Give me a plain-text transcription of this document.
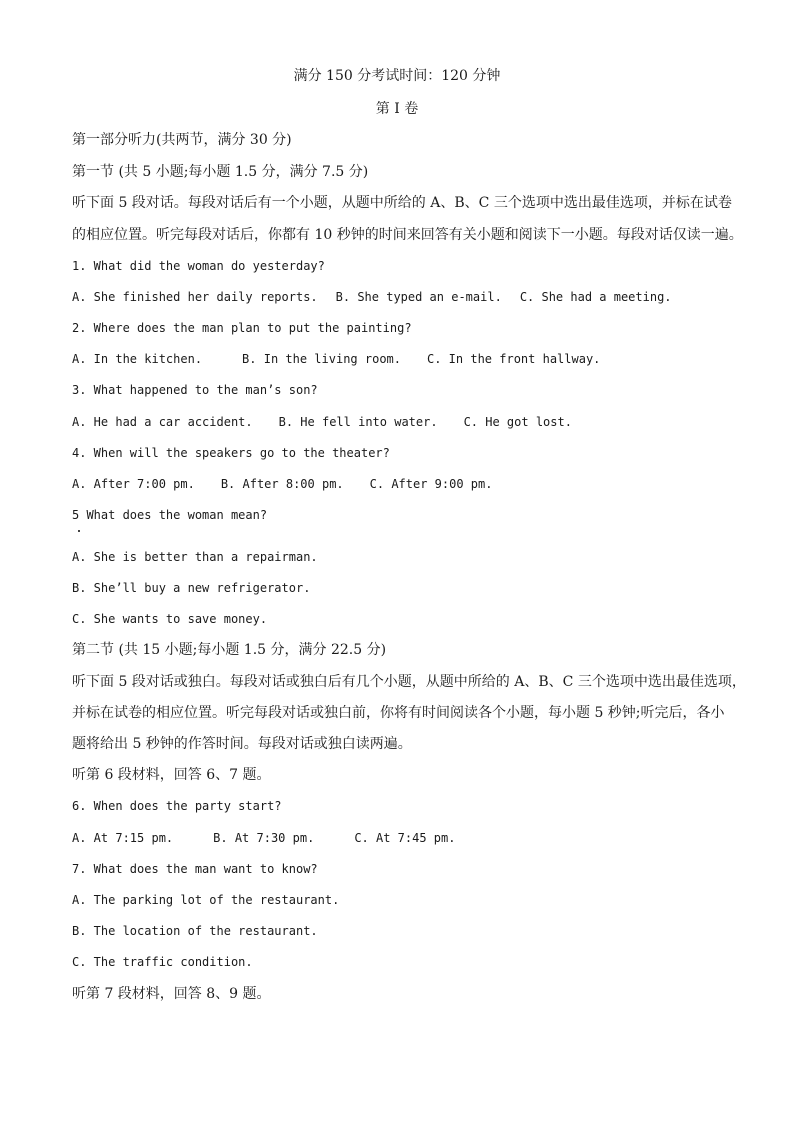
满分 150 分考试时间：120 分钟
第 I 卷
第一部分听力(共两节，满分 30 分)
第一节 (共 5 小题;每小题 1.5 分，满分 7.5 分)
听下面 5 段对话。每段对话后有一个小题，从题中所给的 A、B、C 三个选项中选出最佳选项，并标在试卷
的相应位置。听完每段对话后，你都有 10 秒钟的时间来回答有关小题和阅读下一小题。每段对话仅读一遍。
1. What did the woman do yesterday?
A. She finished her daily reports. B. She typed an e-mail. C. She had a meeting.
2. Where does the man plan to put the painting?
A. In the kitchen.	B. In the living room. C. In the front hallway.
3. What happened to the man’s son?
A. He had a car accident. B. He fell into water. C. He got lost.
4. When will the speakers go to the theater?
A. After 7:00 pm. B. After 8:00 pm. C. After 9:00 pm.
5 What does the woman mean?
A. She is better than a repairman.
B. She’ll buy a new refrigerator.
C. She wants to save money.
第二节 (共 15 小题;每小题 1.5 分，满分 22.5 分)
听下面 5 段对话或独白。每段对话或独白后有几个小题，从题中所给的 A、B、C 三个选项中选出最佳选项，
并标在试卷的相应位置。听完每段对话或独白前，你将有时间阅读各个小题，每小题 5 秒钟;听完后，各小
题将给出 5 秒钟的作答时间。每段对话或独白读两遍。
听第 6 段材料，回答 6、7 题。
6. When does the party start?
A. At 7:15 pm.	B. At 7:30 pm.	C. At 7:45 pm.
7. What does the man want to know?
A. The parking lot of the restaurant.
B. The location of the restaurant.
C. The traffic condition.
听第 7 段材料，回答 8、9 题。
